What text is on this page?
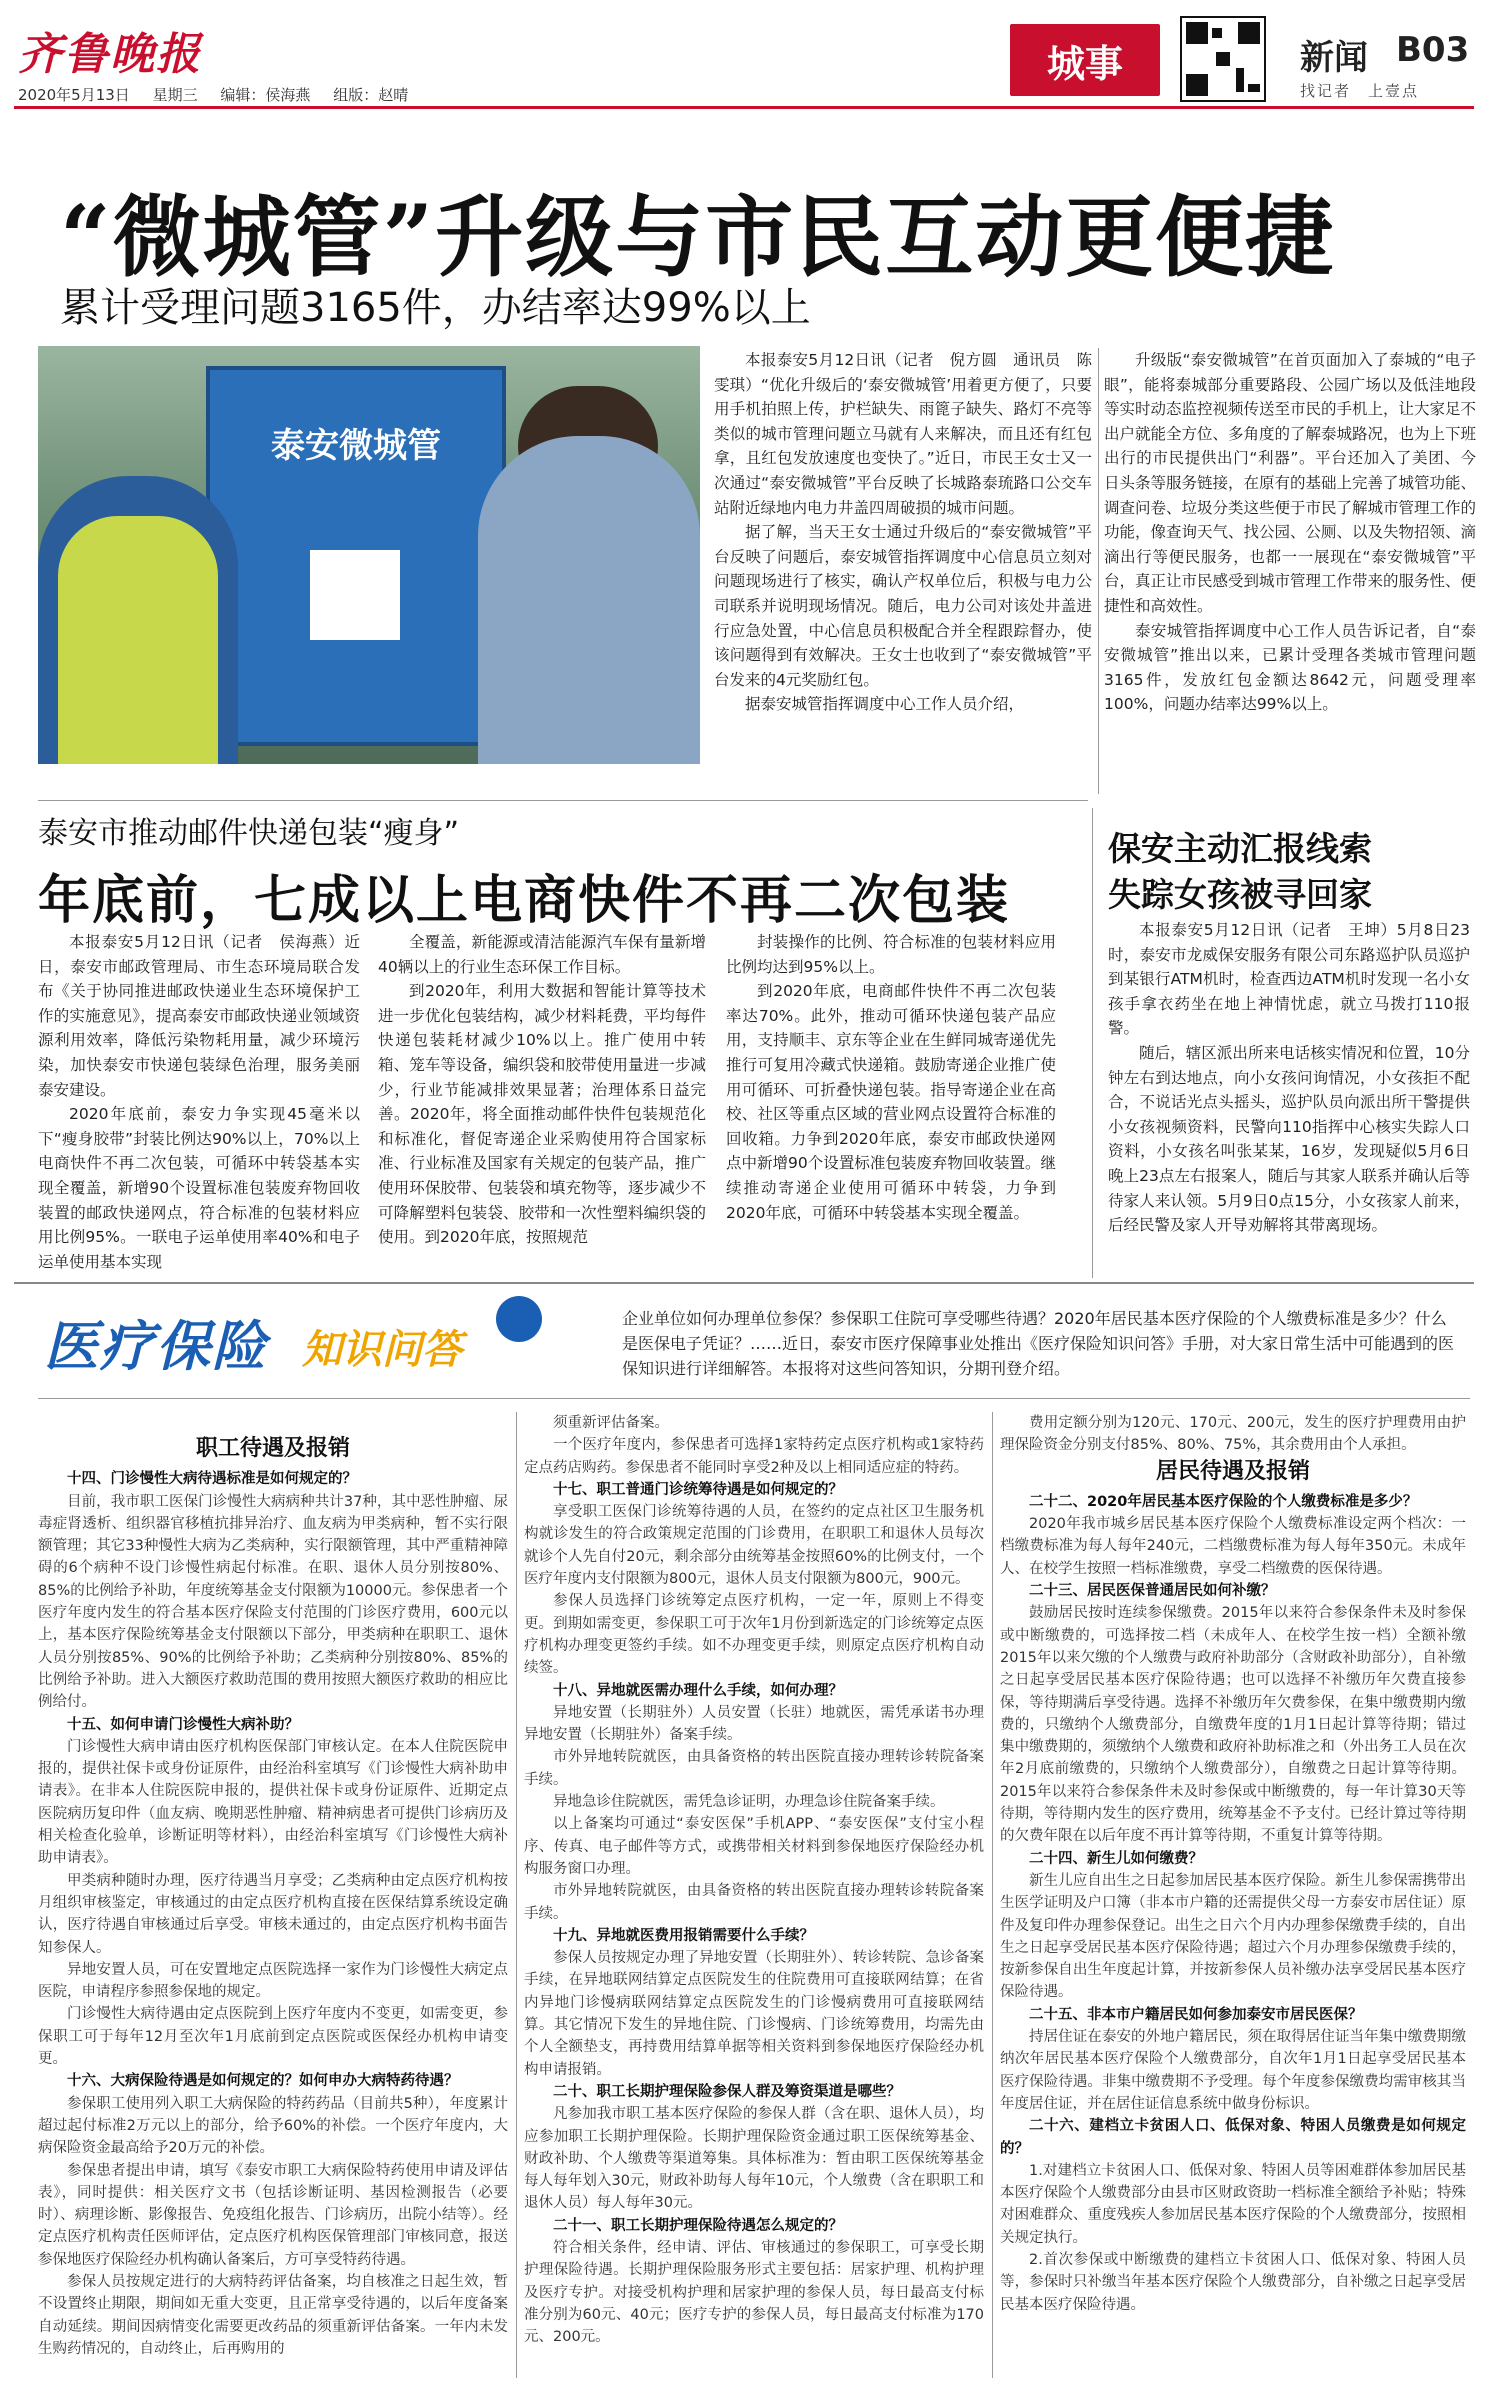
齐鲁晚报
2020年5月13日 星期三 编辑：侯海燕 组版：赵晴
城事	新闻 B03
找记者　上壹点
“微城管”升级与市民互动更便捷
累计受理问题3165件，办结率达99%以上
泰安微城管

本报泰安5月12日讯（记者　倪方圆　通讯员　陈雯琪）“优化升级后的‘泰安微城管’用着更方便了，只要用手机拍照上传，护栏缺失、雨篦子缺失、路灯不亮等类似的城市管理问题立马就有人来解决，而且还有红包拿，且红包发放速度也变快了。”近日，市民王女士又一次通过“泰安微城管”平台反映了长城路泰琉路口公交车站附近绿地内电力井盖四周破损的城市问题。

据了解，当天王女士通过升级后的“泰安微城管”平台反映了问题后，泰安城管指挥调度中心信息员立刻对问题现场进行了核实，确认产权单位后，积极与电力公司联系并说明现场情况。随后，电力公司对该处井盖进行应急处置，中心信息员积极配合并全程跟踪督办，使该问题得到有效解决。王女士也收到了“泰安微城管”平台发来的4元奖励红包。

据泰安城管指挥调度中心工作人员介绍，

升级版“泰安微城管”在首页面加入了泰城的“电子眼”，能将泰城部分重要路段、公园广场以及低洼地段等实时动态监控视频传送至市民的手机上，让大家足不出户就能全方位、多角度的了解泰城路况，也为上下班出行的市民提供出门“利器”。平台还加入了美团、今日头条等服务链接，在原有的基础上完善了城管功能、调查问卷、垃圾分类这些便于市民了解城市管理工作的功能，像查询天气、找公园、公厕、以及失物招领、滴滴出行等便民服务，也都一一展现在“泰安微城管”平台，真正让市民感受到城市管理工作带来的服务性、便捷性和高效性。

泰安城管指挥调度中心工作人员告诉记者，自“泰安微城管”推出以来，已累计受理各类城市管理问题3165件，发放红包金额达8642元，问题受理率100%，问题办结率达99%以上。

泰安市推动邮件快递包装“瘦身”
年底前，七成以上电商快件不再二次包装

本报泰安5月12日讯（记者　侯海燕）近日，泰安市邮政管理局、市生态环境局联合发布《关于协同推进邮政快递业生态环境保护工作的实施意见》，提高泰安市邮政快递业领域资源利用效率，降低污染物耗用量，减少环境污染，加快泰安市快递包装绿色治理，服务美丽泰安建设。

2020年底前，泰安力争实现45毫米以下“瘦身胶带”封装比例达90%以上，70%以上电商快件不再二次包装，可循环中转袋基本实现全覆盖，新增90个设置标准包装废弃物回收装置的邮政快递网点，符合标准的包装材料应用比例95%。一联电子运单使用率40%和电子运单使用基本实现

全覆盖，新能源或清洁能源汽车保有量新增40辆以上的行业生态环保工作目标。

到2020年，利用大数据和智能计算等技术进一步优化包装结构，减少材料耗费，平均每件快递包装耗材减少10%以上。推广使用中转箱、笼车等设备，编织袋和胶带使用量进一步减少，行业节能减排效果显著；治理体系日益完善。2020年，将全面推动邮件快件包装规范化和标准化，督促寄递企业采购使用符合国家标准、行业标准及国家有关规定的包装产品，推广使用环保胶带、包装袋和填充物等，逐步减少不可降解塑料包装袋、胶带和一次性塑料编织袋的使用。到2020年底，按照规范

封装操作的比例、符合标准的包装材料应用比例均达到95%以上。

到2020年底，电商邮件快件不再二次包装率达70%。此外，推动可循环快递包装产品应用，支持顺丰、京东等企业在生鲜同城寄递优先推行可复用冷藏式快递箱。鼓励寄递企业推广使用可循环、可折叠快递包装。指导寄递企业在高校、社区等重点区域的营业网点设置符合标准的回收箱。力争到2020年底，泰安市邮政快递网点中新增90个设置标准包装废弃物回收装置。继续推动寄递企业使用可循环中转袋，力争到2020年底，可循环中转袋基本实现全覆盖。

保安主动汇报线索
失踪女孩被寻回家

本报泰安5月12日讯（记者　王坤）5月8日23时，泰安市龙威保安服务有限公司东路巡护队员巡护到某银行ATM机时，检查西边ATM机时发现一名小女孩手拿衣药坐在地上神情忧虑，就立马拨打110报警。

随后，辖区派出所来电话核实情况和位置，10分钟左右到达地点，向小女孩问询情况，小女孩拒不配合，不说话光点头摇头，巡护队员向派出所干警提供小女孩视频资料，民警向110指挥中心核实失踪人口资料，小女孩名叫张某某，16岁，发现疑似5月6日晚上23点左右报案人，随后与其家人联系并确认后等待家人来认领。5月9日0点15分，小女孩家人前来，后经民警及家人开导劝解将其带离现场。

医疗保险 知识问答
企业单位如何办理单位参保？参保职工住院可享受哪些待遇？2020年居民基本医疗保险的个人缴费标准是多少？什么是医保电子凭证？……近日，泰安市医疗保障事业处推出《医疗保险知识问答》手册，对大家日常生活中可能遇到的医保知识进行详细解答。本报将对这些问答知识，分期刊登介绍。
职工待遇及报销

十四、门诊慢性大病待遇标准是如何规定的？

目前，我市职工医保门诊慢性大病病种共计37种，其中恶性肿瘤、尿毒症肾透析、组织器官移植抗排异治疗、血友病为甲类病种，暂不实行限额管理；其它33种慢性大病为乙类病种，实行限额管理，其中严重精神障碍的6个病种不设门诊慢性病起付标准。在职、退休人员分别按80%、85%的比例给予补助，年度统筹基金支付限额为10000元。参保患者一个医疗年度内发生的符合基本医疗保险支付范围的门诊医疗费用，600元以上，基本医疗保险统筹基金支付限额以下部分，甲类病种在职职工、退休人员分别按85%、90%的比例给予补助；乙类病种分别按80%、85%的比例给予补助。进入大额医疗救助范围的费用按照大额医疗救助的相应比例给付。

十五、如何申请门诊慢性大病补助？

门诊慢性大病申请由医疗机构医保部门审核认定。在本人住院医院申报的，提供社保卡或身份证原件，由经治科室填写《门诊慢性大病补助申请表》。在非本人住院医院申报的，提供社保卡或身份证原件、近期定点医院病历复印件（血友病、晚期恶性肿瘤、精神病患者可提供门诊病历及相关检查化验单，诊断证明等材料），由经治科室填写《门诊慢性大病补助申请表》。

甲类病种随时办理，医疗待遇当月享受；乙类病种由定点医疗机构按月组织审核鉴定，审核通过的由定点医疗机构直接在医保结算系统设定确认，医疗待遇自审核通过后享受。审核未通过的，由定点医疗机构书面告知参保人。

异地安置人员，可在安置地定点医院选择一家作为门诊慢性大病定点医院，申请程序参照参保地的规定。

门诊慢性大病待遇由定点医院到上医疗年度内不变更，如需变更，参保职工可于每年12月至次年1月底前到定点医院或医保经办机构申请变更。

十六、大病保险待遇是如何规定的？如何申办大病特药待遇？

参保职工使用列入职工大病保险的特药药品（目前共5种），年度累计超过起付标准2万元以上的部分，给予60%的补偿。一个医疗年度内，大病保险资金最高给予20万元的补偿。

参保患者提出申请，填写《泰安市职工大病保险特药使用申请及评估表》，同时提供：相关医疗文书（包括诊断证明、基因检测报告（必要时）、病理诊断、影像报告、免疫组化报告、门诊病历，出院小结等）。经定点医疗机构责任医师评估，定点医疗机构医保管理部门审核同意，报送参保地医疗保险经办机构确认备案后，方可享受特药待遇。

参保人员按规定进行的大病特药评估备案，均自核准之日起生效，暂不设置终止期限，期间如无重大变更，且正常享受待遇的，以后年度备案自动延续。期间因病情变化需要更改药品的须重新评估备案。一年内未发生购药情况的，自动终止，后再购用的

须重新评估备案。

一个医疗年度内，参保患者可选择1家特药定点医疗机构或1家特药定点药店购药。参保患者不能同时享受2种及以上相同适应症的特药。

十七、职工普通门诊统筹待遇是如何规定的？

享受职工医保门诊统筹待遇的人员，在签约的定点社区卫生服务机构就诊发生的符合政策规定范围的门诊费用，在职职工和退休人员每次就诊个人先自付20元，剩余部分由统筹基金按照60%的比例支付，一个医疗年度内支付限额为800元，退休人员支付限额为800元，900元。

参保人员选择门诊统筹定点医疗机构，一定一年，原则上不得变更。到期如需变更，参保职工可于次年1月份到新选定的门诊统筹定点医疗机构办理变更签约手续。如不办理变更手续，则原定点医疗机构自动续签。

十八、异地就医需办理什么手续，如何办理？

异地安置（长期驻外）人员安置（长驻）地就医，需凭承诺书办理异地安置（长期驻外）备案手续。

市外异地转院就医，由具备资格的转出医院直接办理转诊转院备案手续。

异地急诊住院就医，需凭急诊证明，办理急诊住院备案手续。

以上备案均可通过“泰安医保”手机APP、“泰安医保”支付宝小程序、传真、电子邮件等方式，或携带相关材料到参保地医疗保险经办机构服务窗口办理。

市外异地转院就医，由具备资格的转出医院直接办理转诊转院备案手续。

十九、异地就医费用报销需要什么手续？

参保人员按规定办理了异地安置（长期驻外）、转诊转院、急诊备案手续，在异地联网结算定点医院发生的住院费用可直接联网结算；在省内异地门诊慢病联网结算定点医院发生的门诊慢病费用可直接联网结算。其它情况下发生的异地住院、门诊慢病、门诊统筹费用，均需先由个人全额垫支，再持费用结算单据等相关资料到参保地医疗保险经办机构申请报销。

二十、职工长期护理保险参保人群及筹资渠道是哪些？

凡参加我市职工基本医疗保险的参保人群（含在职、退休人员），均应参加职工长期护理保险。长期护理保险资金通过职工医保统筹基金、财政补助、个人缴费等渠道筹集。具体标准为：暂由职工医保统筹基金每人每年划入30元，财政补助每人每年10元，个人缴费（含在职职工和退休人员）每人每年30元。

二十一、职工长期护理保险待遇怎么规定的？

符合相关条件，经申请、评估、审核通过的参保职工，可享受长期护理保险待遇。长期护理保险服务形式主要包括：居家护理、机构护理及医疗专护。对接受机构护理和居家护理的参保人员，每日最高支付标准分别为60元、40元；医疗专护的参保人员，每日最高支付标准为170元、200元。

费用定额分别为120元、170元、200元，发生的医疗护理费用由护理保险资金分别支付85%、80%、75%，其余费用由个人承担。

居民待遇及报销

二十二、2020年居民基本医疗保险的个人缴费标准是多少？

2020年我市城乡居民基本医疗保险个人缴费标准设定两个档次：一档缴费标准为每人每年240元，二档缴费标准为每人每年350元。未成年人、在校学生按照一档标准缴费，享受二档缴费的医保待遇。

二十三、居民医保普通居民如何补缴？

鼓励居民按时连续参保缴费。2015年以来符合参保条件未及时参保或中断缴费的，可选择按二档（未成年人、在校学生按一档）全额补缴2015年以来欠缴的个人缴费与政府补助部分（含财政补助部分），自补缴之日起享受居民基本医疗保险待遇；也可以选择不补缴历年欠费直接参保，等待期满后享受待遇。选择不补缴历年欠费参保，在集中缴费期内缴费的，只缴纳个人缴费部分，自缴费年度的1月1日起计算等待期；错过集中缴费期的，须缴纳个人缴费和政府补助标准之和（外出务工人员在次年2月底前缴费的，只缴纳个人缴费部分），自缴费之日起计算等待期。2015年以来符合参保条件未及时参保或中断缴费的，每一年计算30天等待期，等待期内发生的医疗费用，统筹基金不予支付。已经计算过等待期的欠费年限在以后年度不再计算等待期，不重复计算等待期。

二十四、新生儿如何缴费？

新生儿应自出生之日起参加居民基本医疗保险。新生儿参保需携带出生医学证明及户口簿（非本市户籍的还需提供父母一方泰安市居住证）原件及复印件办理参保登记。出生之日六个月内办理参保缴费手续的，自出生之日起享受居民基本医疗保险待遇；超过六个月办理参保缴费手续的，按新参保自出生年度起计算，并按新参保人员补缴办法享受居民基本医疗保险待遇。

二十五、非本市户籍居民如何参加泰安市居民医保？

持居住证在泰安的外地户籍居民，须在取得居住证当年集中缴费期缴纳次年居民基本医疗保险个人缴费部分，自次年1月1日起享受居民基本医疗保险待遇。非集中缴费期不予受理。每个年度参保缴费均需审核其当年度居住证，并在居住证信息系统中做身份标识。

二十六、建档立卡贫困人口、低保对象、特困人员缴费是如何规定的？

1.对建档立卡贫困人口、低保对象、特困人员等困难群体参加居民基本医疗保险个人缴费部分由县市区财政资助一档标准全额给予补贴；特殊对困难群众、重度残疾人参加居民基本医疗保险的个人缴费部分，按照相关规定执行。

2.首次参保或中断缴费的建档立卡贫困人口、低保对象、特困人员等，参保时只补缴当年基本医疗保险个人缴费部分，自补缴之日起享受居民基本医疗保险待遇。
